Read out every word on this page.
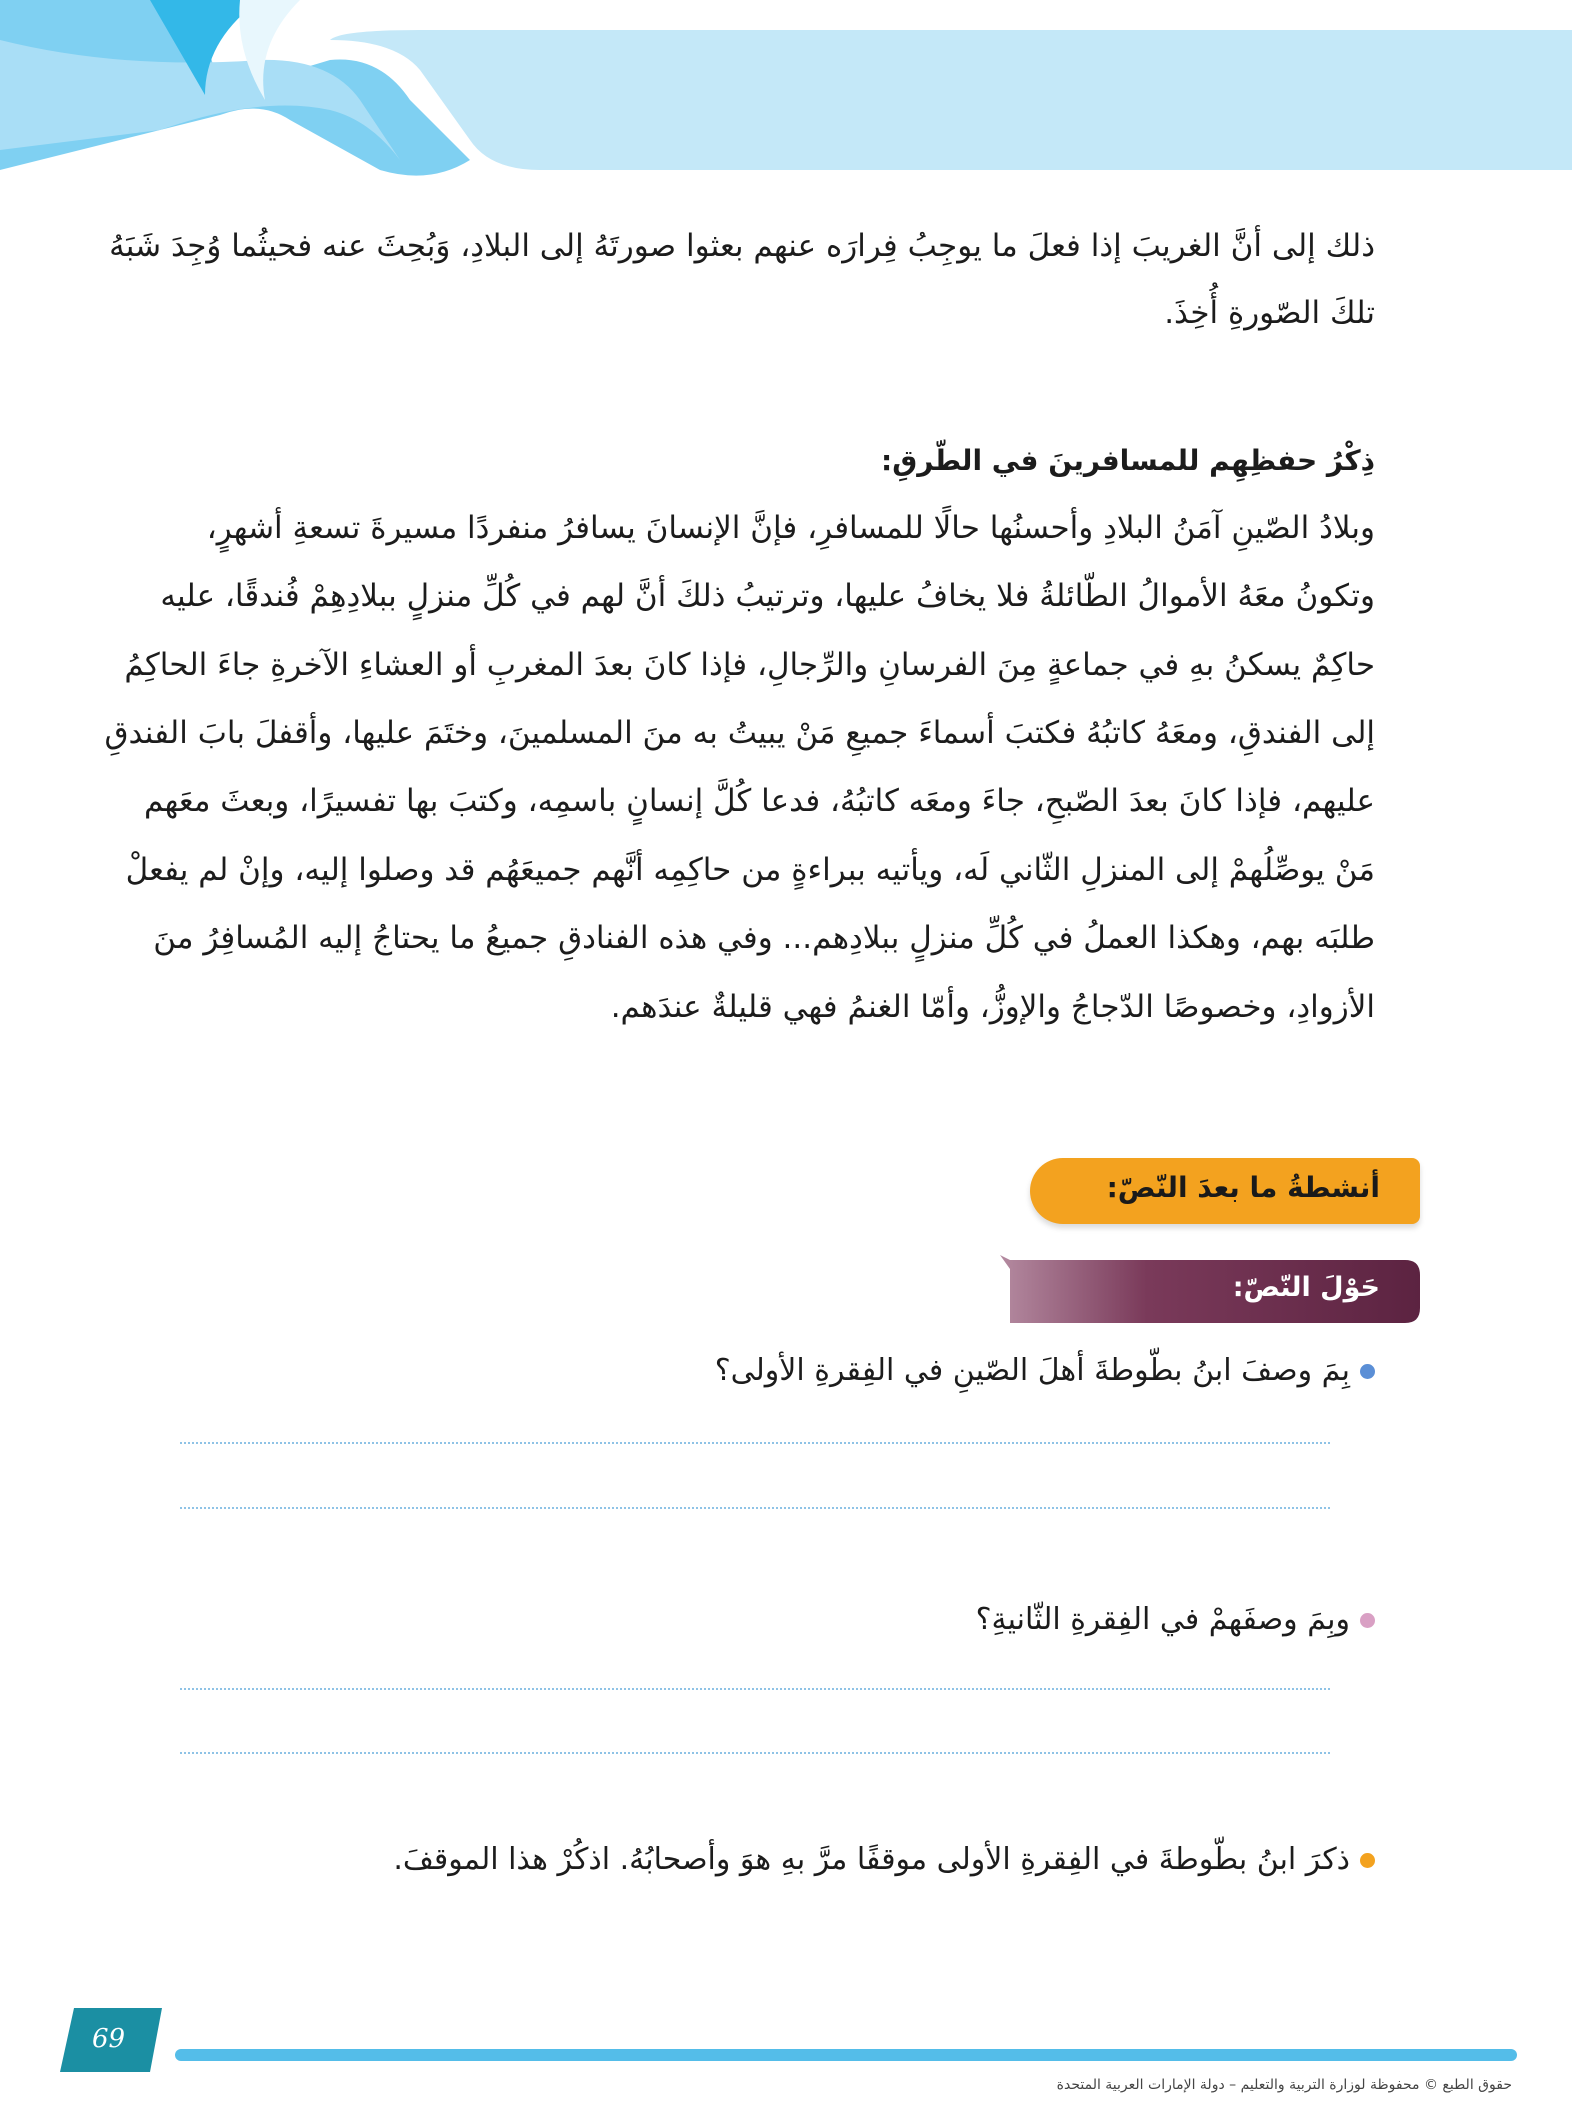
ذلك إلى أنَّ الغريبَ إذا فعلَ ما يوجِبُ فِرارَه عنهم بعثوا صورتَهُ إلى البلادِ، وَبُحِثَ عنه فحيثُما وُجِدَ شَبَهُ
تلكَ الصّورةِ أُخِذَ.
ذِكْرُ حفظِهِم للمسافرينَ في الطّرقِ:
وبلادُ الصّينِ آمَنُ البلادِ وأحسنُها حالًا للمسافرِ، فإنَّ الإنسانَ يسافرُ منفردًا مسيرةَ تسعةِ أشهرٍ،
وتكونُ معَهُ الأموالُ الطّائلةُ فلا يخافُ عليها، وترتيبُ ذلكَ أنَّ لهم في كُلِّ منزلٍ ببلادِهِمْ فُندقًا، عليه
حاكِمٌ يسكنُ بهِ في جماعةٍ مِنَ الفرسانِ والرِّجالِ، فإذا كانَ بعدَ المغربِ أو العشاءِ الآخرةِ جاءَ الحاكِمُ
إلى الفندقِ، ومعَهُ كاتبُهُ فكتبَ أسماءَ جميعِ مَنْ يبيتُ به منَ المسلمينَ، وختَمَ عليها، وأقفلَ بابَ الفندقِ
عليهم، فإذا كانَ بعدَ الصّبحِ، جاءَ ومعَه كاتبُهُ، فدعا كُلَّ إنسانٍ باسمِه، وكتبَ بها تفسيرًا، وبعثَ معَهم
مَنْ يوصِّلُهمْ إلى المنزلِ الثّاني لَه، ويأتيه ببراءةٍ من حاكِمِه أنَّهم جميعَهُم قد وصلوا إليه، وإنْ لم يفعلْ
طلبَه بهم، وهكذا العملُ في كُلِّ منزلٍ ببلادِهم... وفي هذه الفنادقِ جميعُ ما يحتاجُ إليه المُسافِرُ منَ
الأزوادِ، وخصوصًا الدّجاجُ والإوزُّ، وأمّا الغنمُ فهي قليلةٌ عندَهم.
أنشطةُ ما بعدَ النّصّ:
حَوْلَ النّصّ:
بِمَ وصفَ ابنُ بطّوطةَ أهلَ الصّينِ في الفِقرةِ الأولى؟
وبِمَ وصفَهمْ في الفِقرةِ الثّانيةِ؟
ذكرَ ابنُ بطّوطةَ في الفِقرةِ الأولى موقفًا مرَّ بهِ هوَ وأصحابُهُ. اذكُرْ هذا الموقفَ.
69
حقوق الطبع © محفوظة لوزارة التربية والتعليم – دولة الإمارات العربية المتحدة
